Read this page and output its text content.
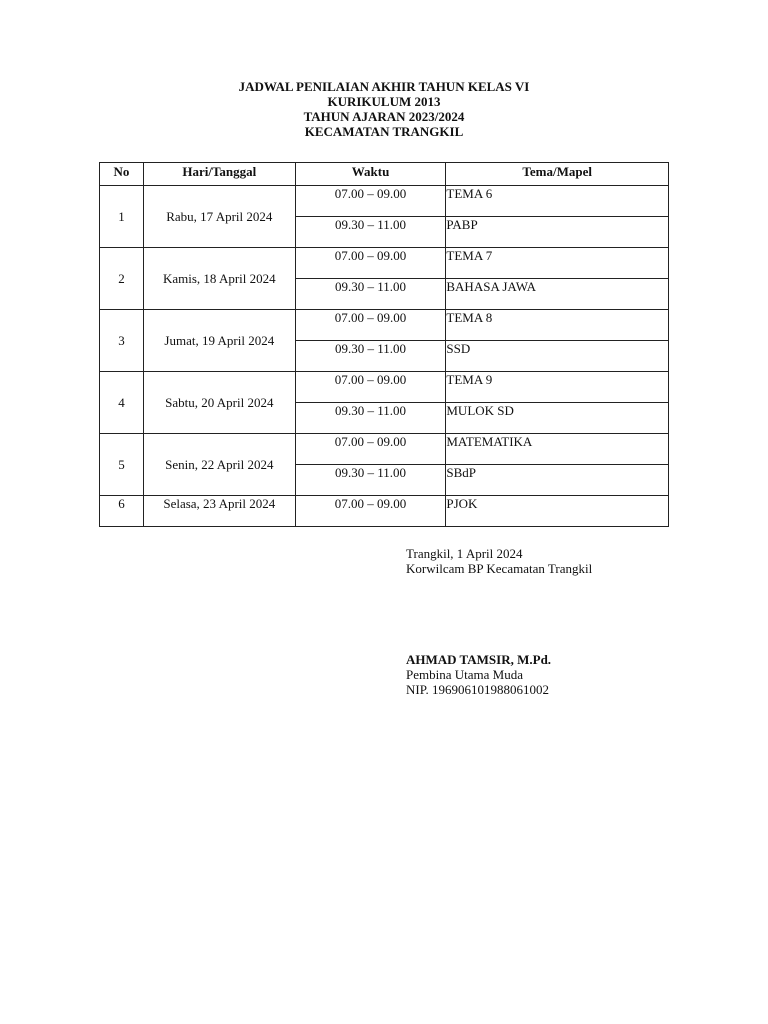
JADWAL PENILAIAN AKHIR TAHUN KELAS VI
KURIKULUM 2013
TAHUN AJARAN 2023/2024
KECAMATAN TRANGKIL
No	Hari/Tanggal	Waktu	Tema/Mapel
1	Rabu, 17 April 2024	07.00 – 09.00	TEMA 6
		09.30 – 11.00	PABP
2	Kamis, 18 April 2024	07.00 – 09.00	TEMA 7
		09.30 – 11.00	BAHASA JAWA
3	Jumat, 19 April 2024	07.00 – 09.00	TEMA 8
		09.30 – 11.00	SSD
4	Sabtu, 20 April 2024	07.00 – 09.00	TEMA 9
		09.30 – 11.00	MULOK SD
5	Senin, 22 April 2024	07.00 – 09.00	MATEMATIKA
		09.30 – 11.00	SBdP
6	Selasa, 23 April 2024	07.00 – 09.00	PJOK
Trangkil, 1 April 2024
Korwilcam BP Kecamatan Trangkil
AHMAD TAMSIR, M.Pd.
Pembina Utama Muda
NIP. 196906101988061002
